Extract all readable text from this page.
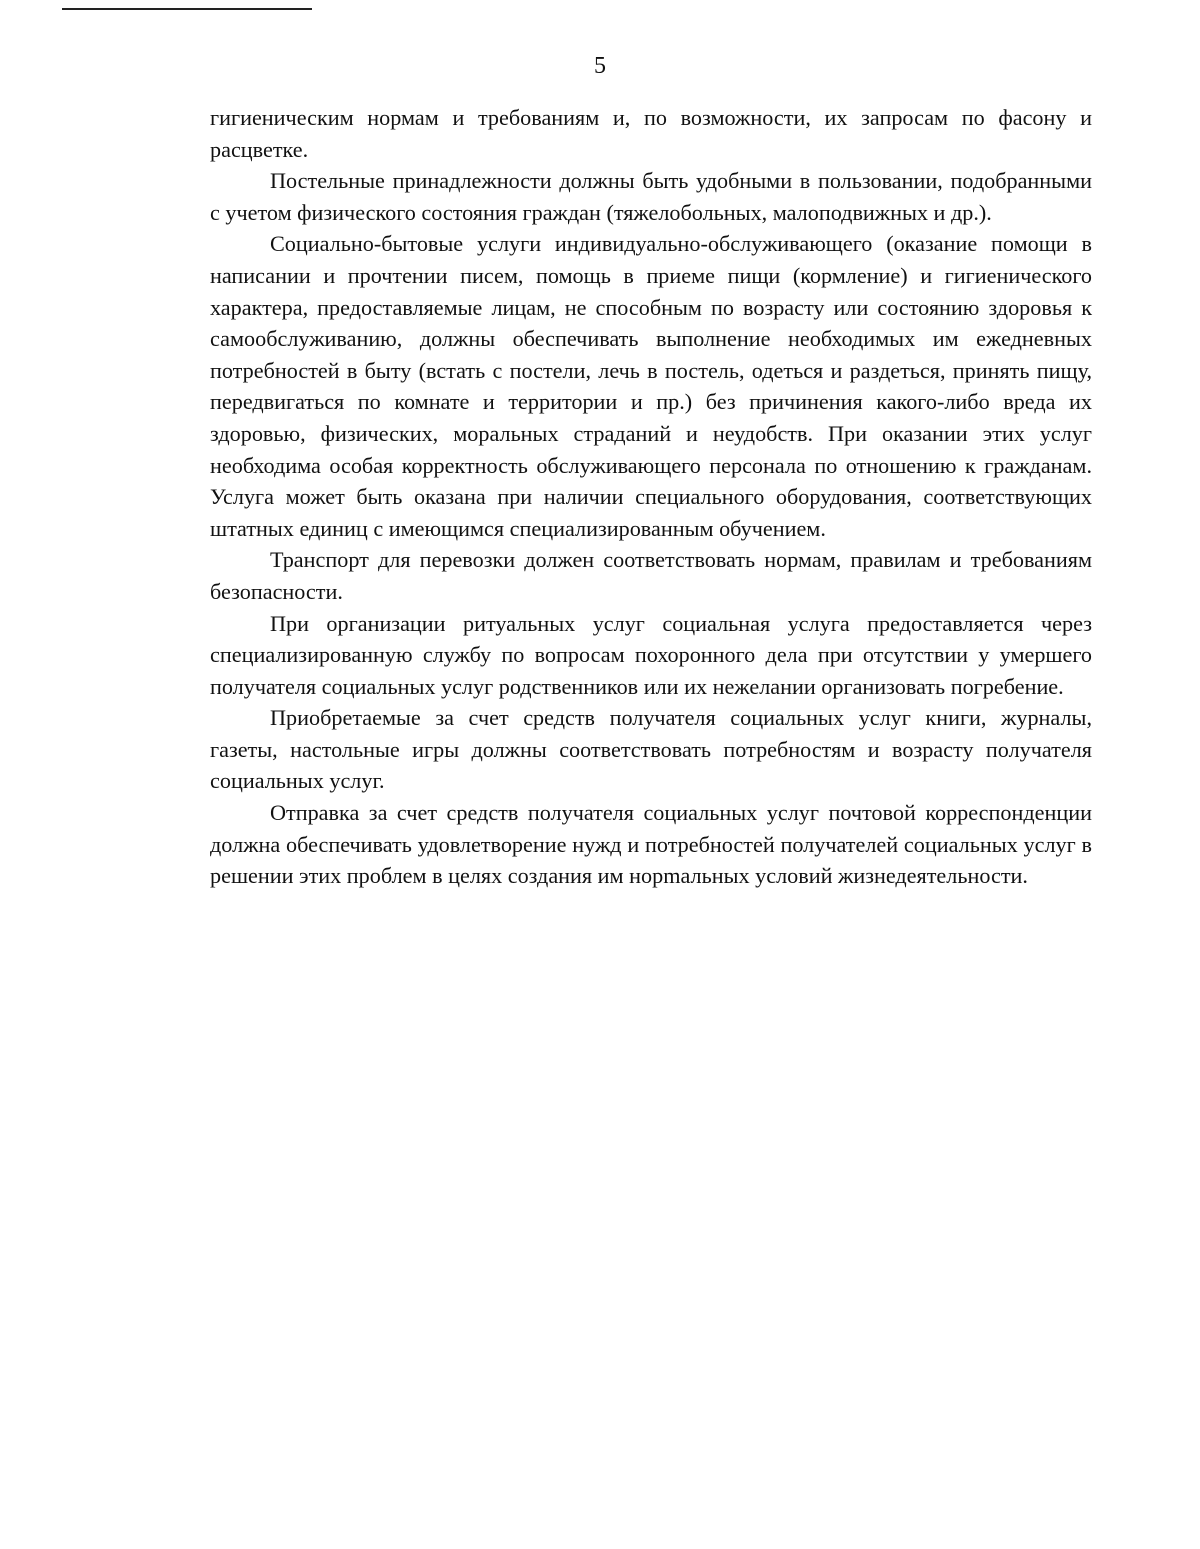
5

гигиеническим нормам и требованиям и, по возможности, их запросам по фасону и расцветке.

Постельные принадлежности должны быть удобными в пользовании, подобранными с учетом физического состояния граждан (тяжелобольных, малоподвижных и др.).

Социально-бытовые услуги индивидуально-обслуживающего (оказание помощи в написании и прочтении писем, помощь в приеме пищи (кормление) и гигиенического характера, предоставляемые лицам, не способным по возрасту или состоянию здоровья к самообслуживанию, должны обеспечивать выполнение необходимых им ежедневных потребностей в быту (встать с постели, лечь в постель, одеться и раздеться, принять пищу, передвигаться по комнате и территории и пр.) без причинения какого-либо вреда их здоровью, физических, моральных страданий и неудобств. При оказании этих услуг необходима особая корректность обслуживающего персонала по отношению к гражданам. Услуга может быть оказана при наличии специального оборудования, соответствующих штатных единиц с имеющимся специализированным обучением.

Транспорт для перевозки должен соответствовать нормам, правилам и требованиям безопасности.

При организации ритуальных услуг социальная услуга предоставляется через специализированную службу по вопросам похоронного дела при отсутствии у умершего получателя социальных услуг родственников или их нежелании организовать погребение.

Приобретаемые за счет средств получателя социальных услуг книги, журналы, газеты, настольные игры должны соответствовать потребностям и возрасту получателя социальных услуг.

Отправка за счет средств получателя социальных услуг почтовой корреспонденции должна обеспечивать удовлетворение нужд и потребностей получателей социальных услуг в решении этих проблем в целях создания им норmальных условий жизнедеятельности.
